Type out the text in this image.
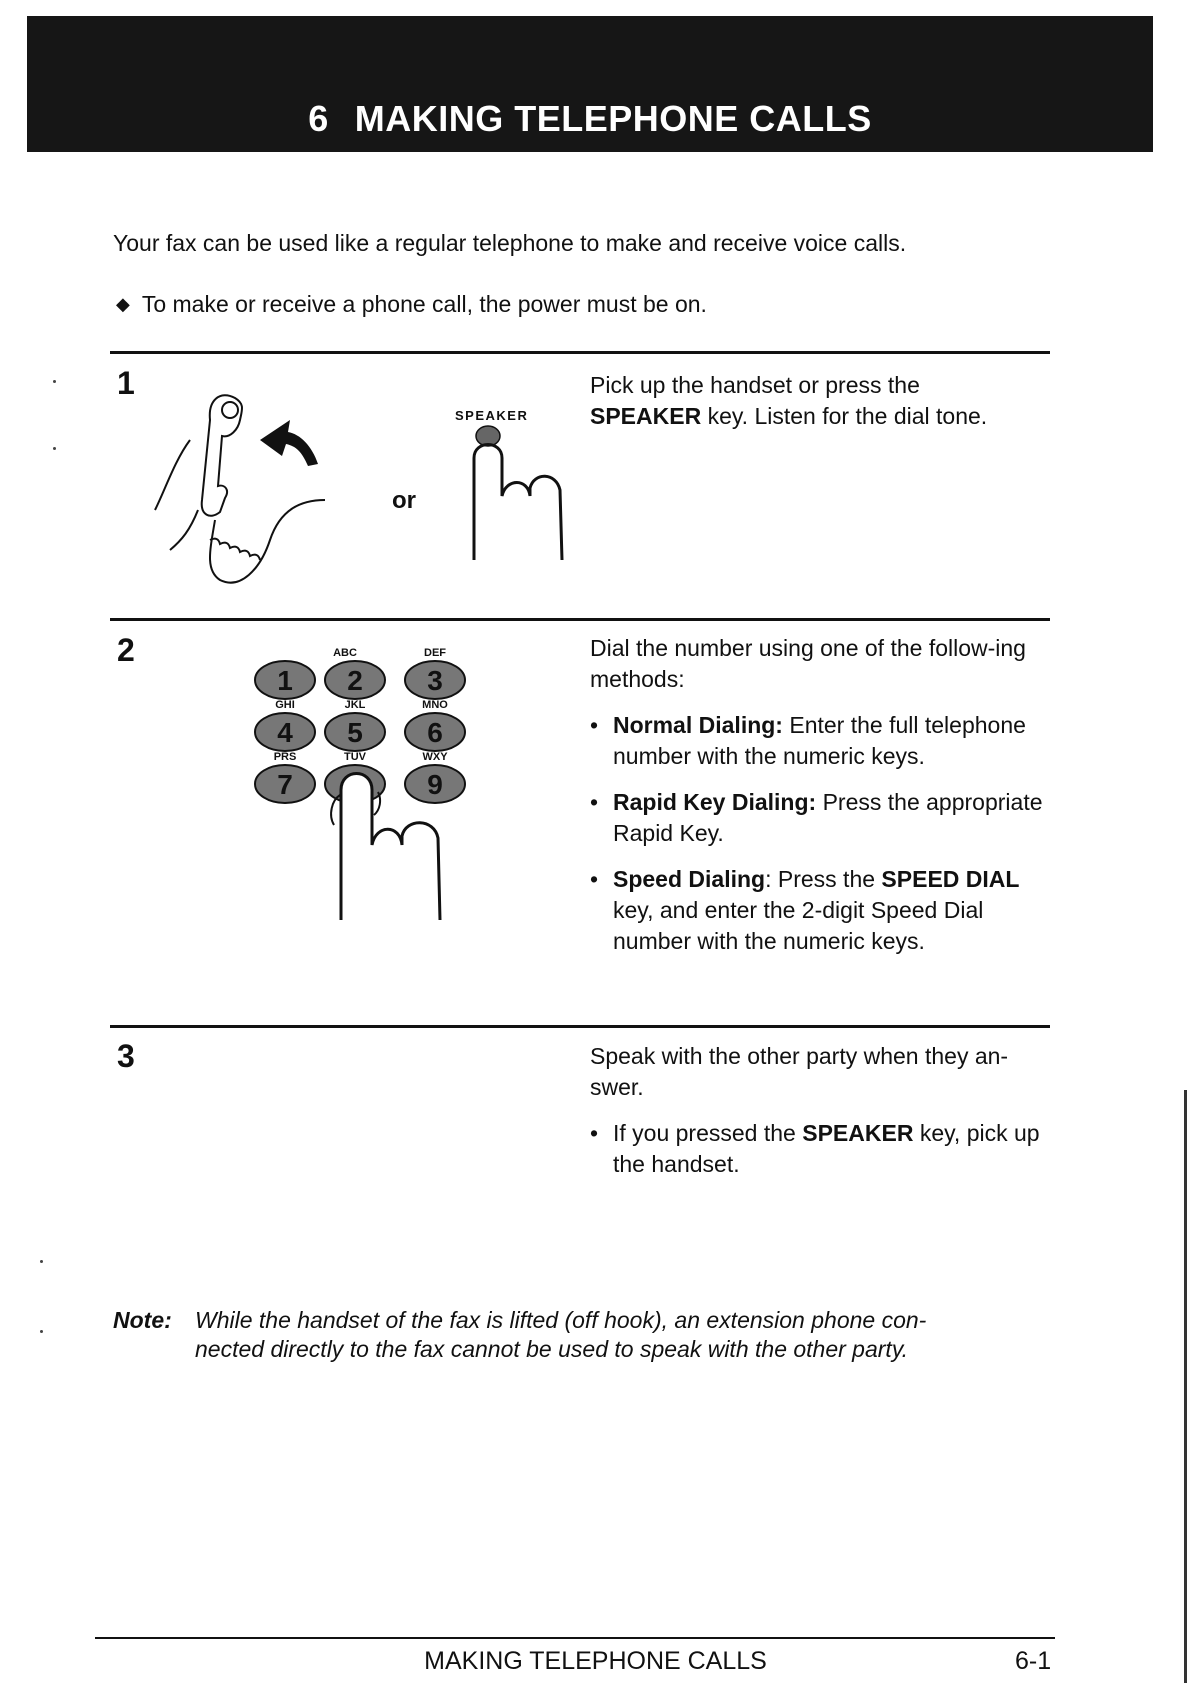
6 MAKING TELEPHONE CALLS
Your fax can be used like a regular telephone to make and receive voice calls.
◆ To make or receive a phone call, the power must be on.
1
or
SPEAKER

Pick up the handset or press the
SPEAKER key. Listen for the dial tone.

2	ABC	DEF
GHI	JKL	MNO
PRS	TUV	WXY
1 2 3
4 5 6
7	9

Dial the number using one of the follow-ing methods:

• Normal Dialing: Enter the full telephone number with the numeric keys.
• Rapid Key Dialing: Press the appropriate Rapid Key.
• Speed Dialing: Press the SPEED DIAL key, and enter the 2-digit Speed Dial number with the numeric keys.
3	Speak with the other party when they an-swer.

• If you pressed the SPEAKER key, pick up the handset.
Note: While the handset of the fax is lifted (off hook), an extension phone con-
nected directly to the fax cannot be used to speak with the other party.
MAKING TELEPHONE CALLS	6-1
